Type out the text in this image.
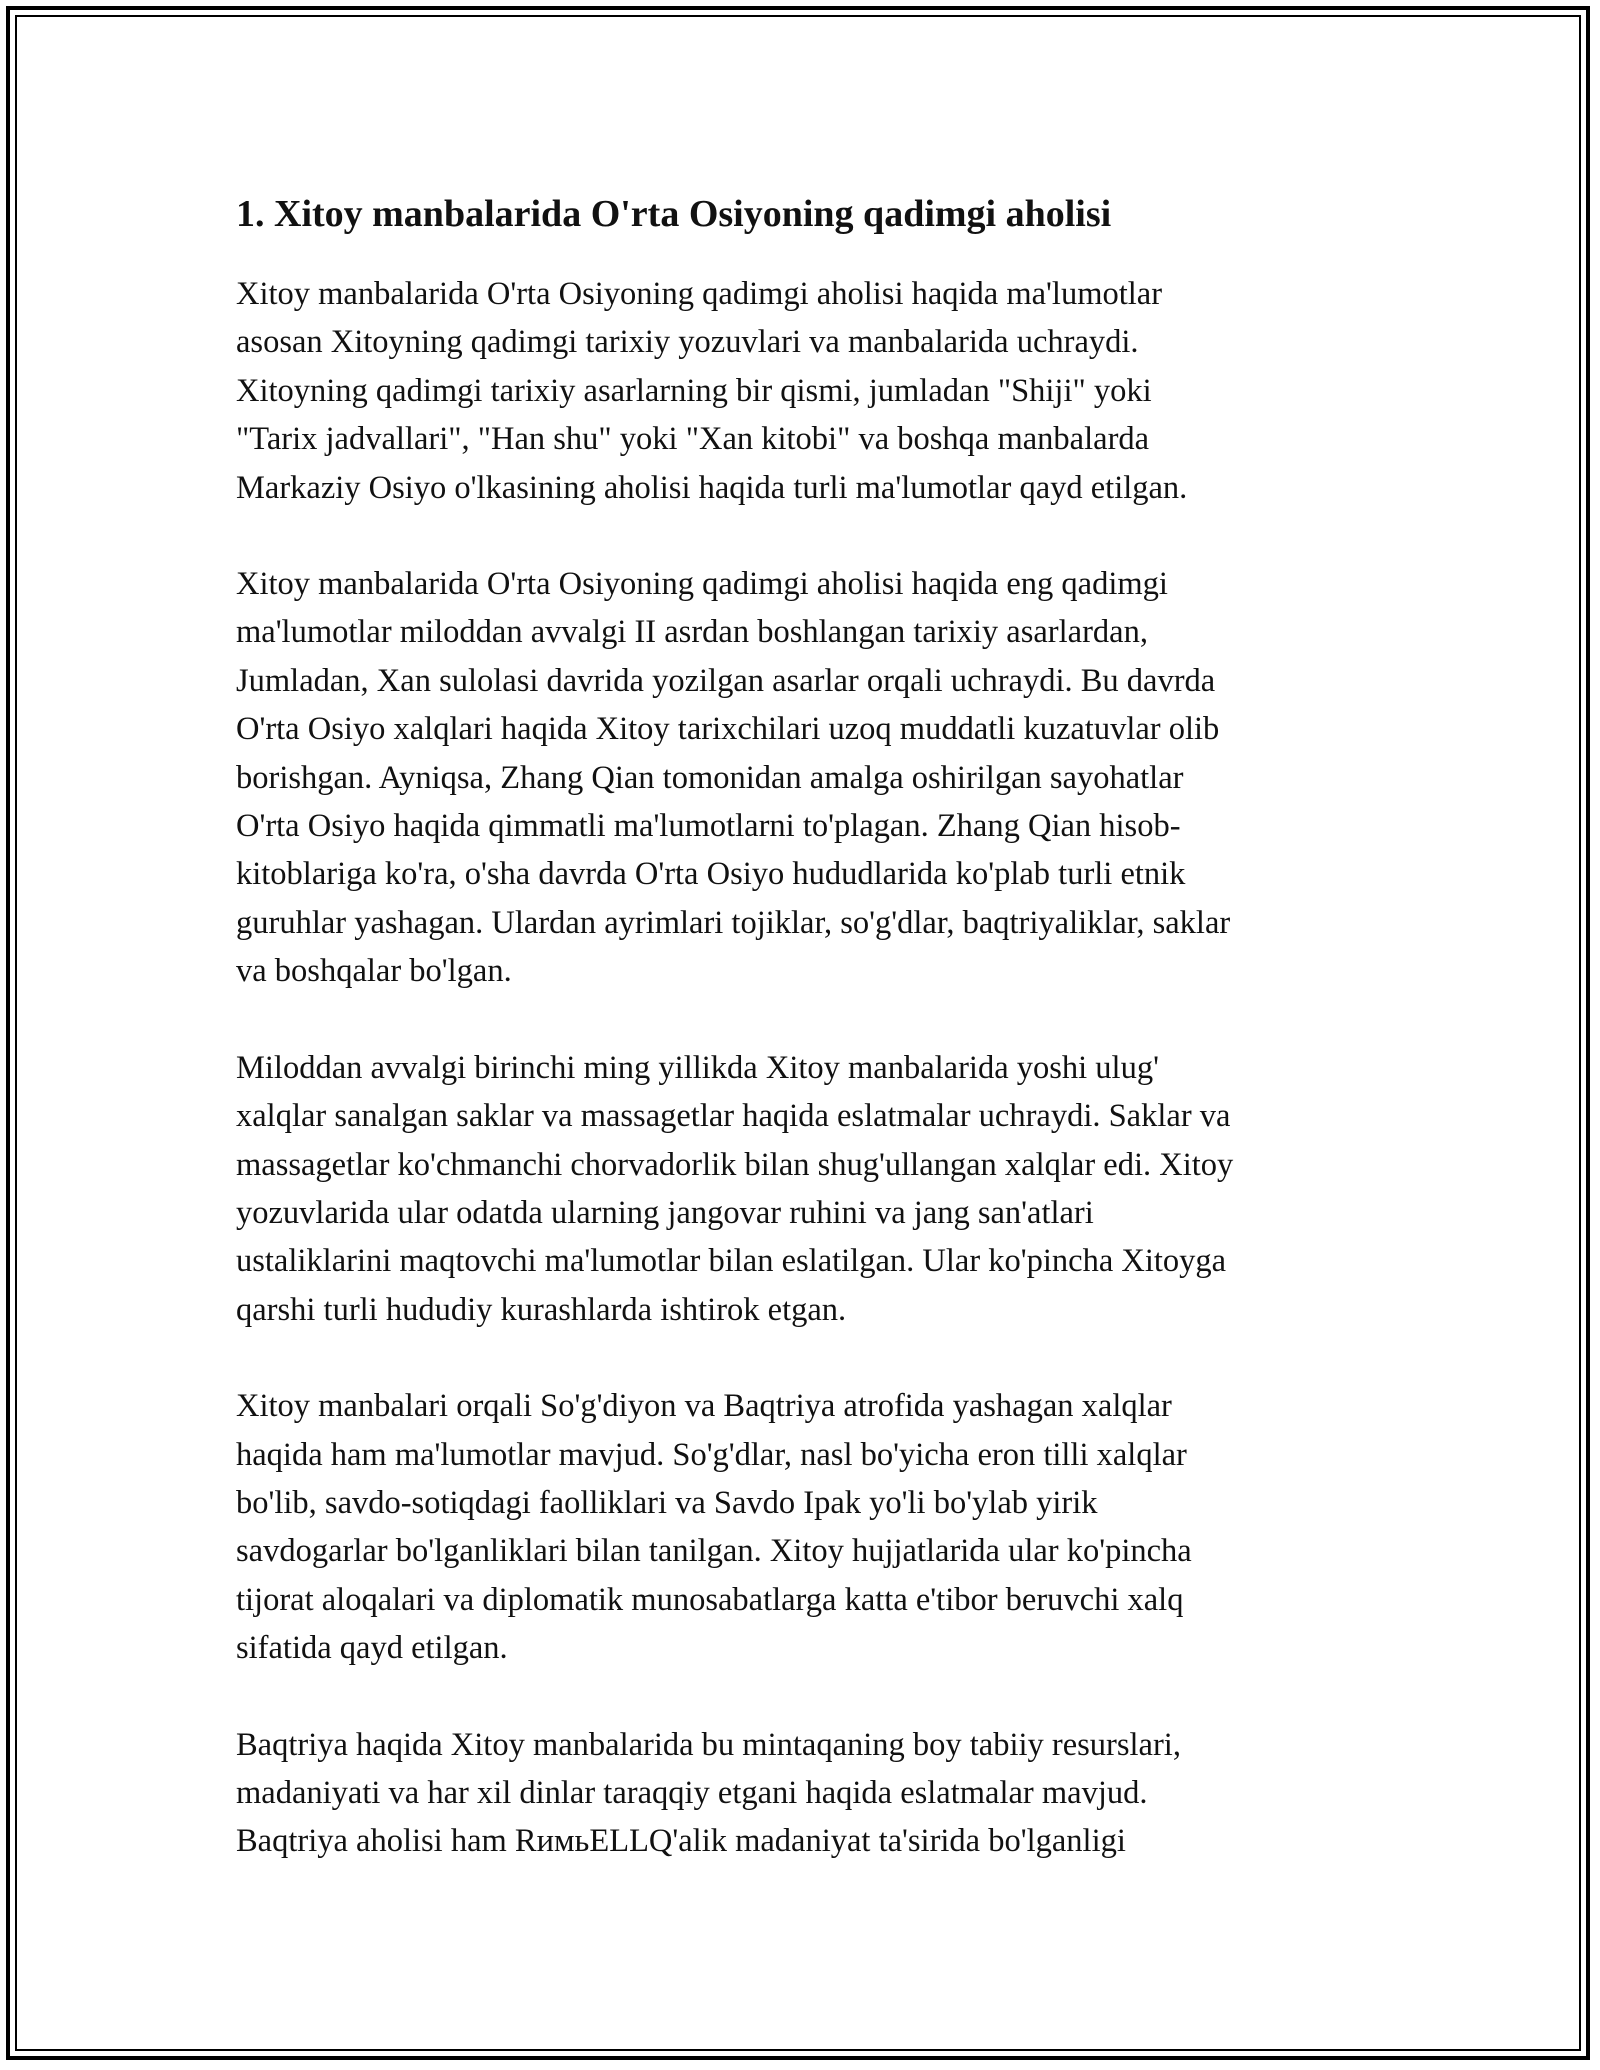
1. Xitoy manbalarida O'rta Osiyoning qadimgi aholisi

Xitoy manbalarida O'rta Osiyoning qadimgi aholisi haqida ma'lumotlar
asosan Xitoyning qadimgi tarixiy yozuvlari va manbalarida uchraydi.
Xitoyning qadimgi tarixiy asarlarning bir qismi, jumladan "Shiji" yoki
"Tarix jadvallari", "Han shu" yoki "Xan kitobi" va boshqa manbalarda
Markaziy Osiyo o'lkasining aholisi haqida turli ma'lumotlar qayd etilgan.

Xitoy manbalarida O'rta Osiyoning qadimgi aholisi haqida eng qadimgi
ma'lumotlar miloddan avvalgi II asrdan boshlangan tarixiy asarlardan,
Jumladan, Xan sulolasi davrida yozilgan asarlar orqali uchraydi. Bu davrda
O'rta Osiyo xalqlari haqida Xitoy tarixchilari uzoq muddatli kuzatuvlar olib
borishgan. Ayniqsa, Zhang Qian tomonidan amalga oshirilgan sayohatlar
O'rta Osiyo haqida qimmatli ma'lumotlarni to'plagan. Zhang Qian hisob-
kitoblariga ko'ra, o'sha davrda O'rta Osiyo hududlarida ko'plab turli etnik
guruhlar yashagan. Ulardan ayrimlari tojiklar, so'g'dlar, baqtriyaliklar, saklar
va boshqalar bo'lgan.

Miloddan avvalgi birinchi ming yillikda Xitoy manbalarida yoshi ulug'
xalqlar sanalgan saklar va massagetlar haqida eslatmalar uchraydi. Saklar va
massagetlar ko'chmanchi chorvadorlik bilan shug'ullangan xalqlar edi. Xitoy
yozuvlarida ular odatda ularning jangovar ruhini va jang san'atlari
ustaliklarini maqtovchi ma'lumotlar bilan eslatilgan. Ular ko'pincha Xitoyga
qarshi turli hududiy kurashlarda ishtirok etgan.

Xitoy manbalari orqali So'g'diyon va Baqtriya atrofida yashagan xalqlar
haqida ham ma'lumotlar mavjud. So'g'dlar, nasl bo'yicha eron tilli xalqlar
bo'lib, savdo-sotiqdagi faolliklari va Savdo Ipak yo'li bo'ylab yirik
savdogarlar bo'lganliklari bilan tanilgan. Xitoy hujjatlarida ular ko'pincha
tijorat aloqalari va diplomatik munosabatlarga katta e'tibor beruvchi xalq
sifatida qayd etilgan.

Baqtriya haqida Xitoy manbalarida bu mintaqaning boy tabiiy resurslari,
madaniyati va har xil dinlar taraqqiy etgani haqida eslatmalar mavjud.
Baqtriya aholisi ham RимьELLQ'alik madaniyat ta'sirida bo'lganligi
